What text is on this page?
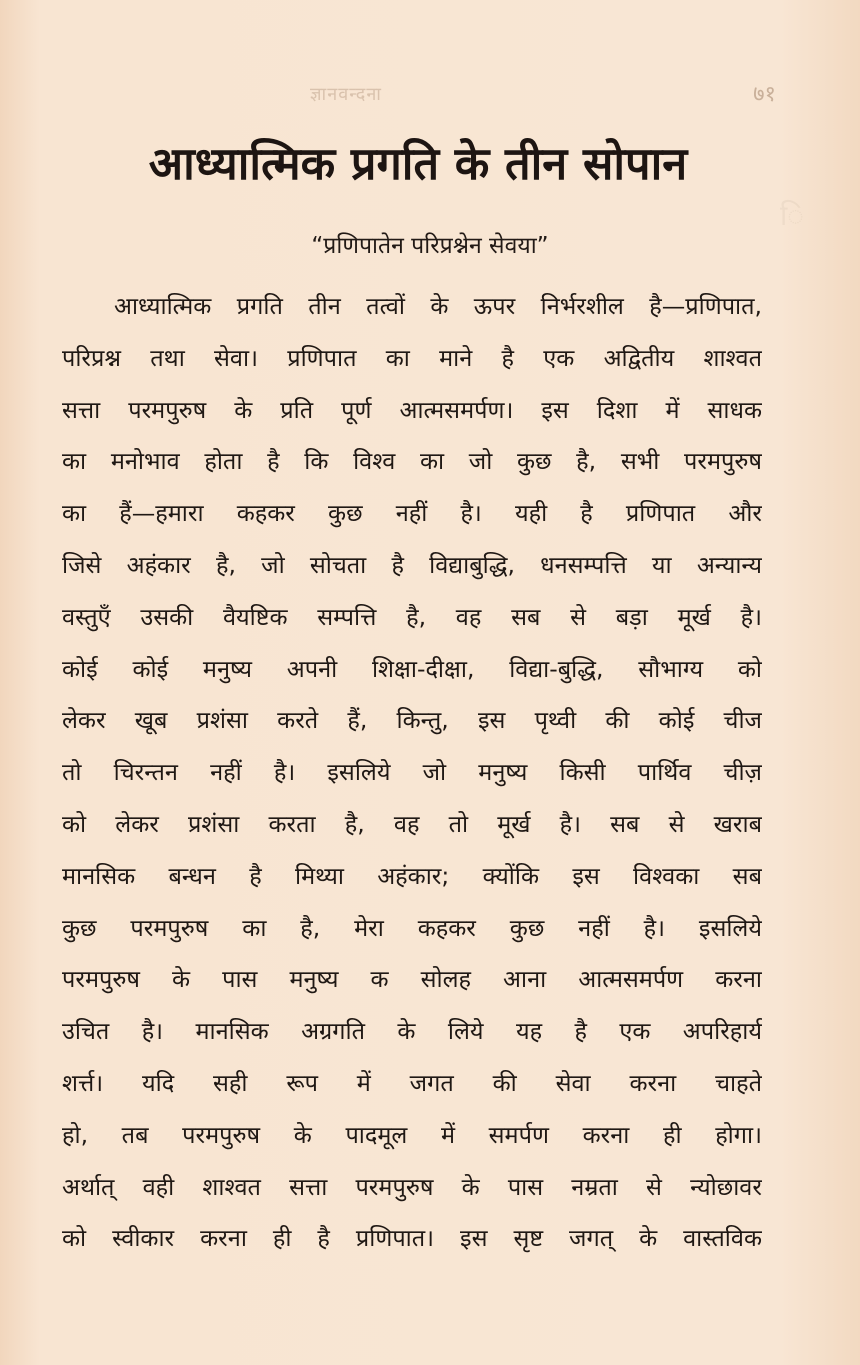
ि
ज्ञानवन्दना	७१
आध्यात्मिक प्रगति के तीन सोपान
“प्रणिपातेन परिप्रश्नेन सेवया”
आध्यात्मिक प्रगति तीन तत्वों के ऊपर निर्भरशील है—प्रणिपात,
परिप्रश्न तथा सेवा। प्रणिपात का माने है एक अद्वितीय शाश्वत
सत्ता परमपुरुष के प्रति पूर्ण आत्मसमर्पण। इस दिशा में साधक
का मनोभाव होता है कि विश्व का जो कुछ है, सभी परमपुरुष
का हैं—हमारा कहकर कुछ नहीं है। यही है प्रणिपात और
जिसे अहंकार है, जो सोचता है विद्याबुद्धि, धनसम्पत्ति या अन्यान्य
वस्तुएँ उसकी वैयष्टिक सम्पत्ति है, वह सब से बड़ा मूर्ख है।
कोई कोई मनुष्य अपनी शिक्षा-दीक्षा, विद्या-बुद्धि, सौभाग्य को
लेकर खूब प्रशंसा करते हैं, किन्तु, इस पृथ्वी की कोई चीज
तो चिरन्तन नहीं है। इसलिये जो मनुष्य किसी पार्थिव चीज़
को लेकर प्रशंसा करता है, वह तो मूर्ख है। सब से खराब
मानसिक बन्धन है मिथ्या अहंकार; क्योंकि इस विश्वका सब
कुछ परमपुरुष का है, मेरा कहकर कुछ नहीं है। इसलिये
परमपुरुष के पास मनुष्य क सोलह आना आत्मसमर्पण करना
उचित है। मानसिक अग्रगति के लिये यह है एक अपरिहार्य
शर्त्त। यदि सही रूप में जगत की सेवा करना चाहते
हो, तब परमपुरुष के पादमूल में समर्पण करना ही होगा।
अर्थात् वही शाश्वत सत्ता परमपुरुष के पास नम्रता से न्योछावर
को स्वीकार करना ही है प्रणिपात। इस सृष्ट जगत् के वास्तविक
